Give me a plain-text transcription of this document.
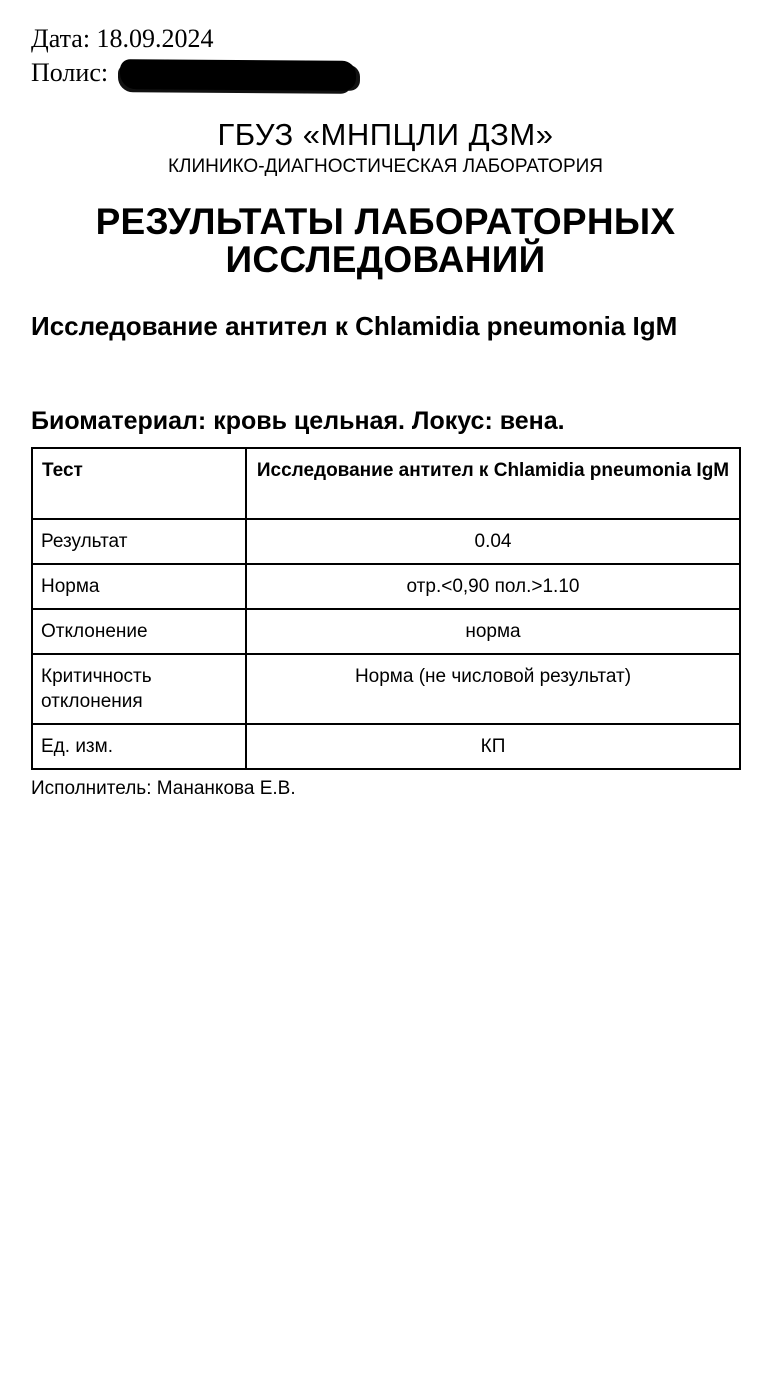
Дата: 18.09.2024
Полис:
ГБУЗ «МНПЦЛИ ДЗМ»
КЛИНИКО-ДИАГНОСТИЧЕСКАЯ ЛАБОРАТОРИЯ
РЕЗУЛЬТАТЫ ЛАБОРАТОРНЫХ
ИССЛЕДОВАНИЙ
Исследование антител к Chlamidia pneumonia IgM
Биоматериал: кровь цельная. Локус: вена.
Тест	Исследование антител к Chlamidia pneumonia IgM
Результат	0.04
Норма	отр.<0,90 пол.>1.10
Отклонение	норма
Критичность отклонения	Норма (не числовой результат)
Ед. изм.	КП
Исполнитель: Мананкова Е.В.
